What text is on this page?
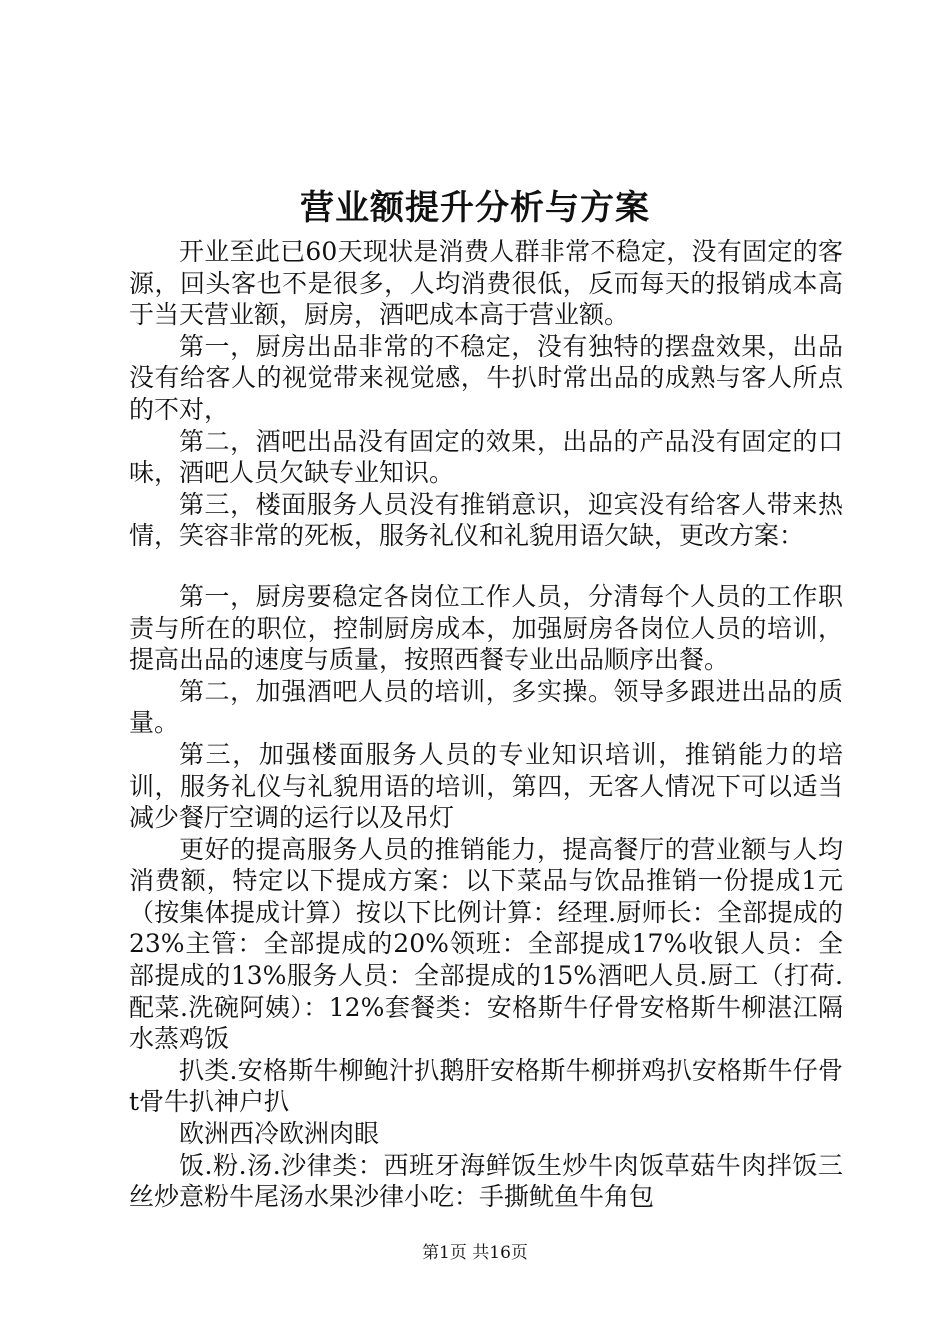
营业额提升分析与方案

开业至此已60天现状是消费人群非常不稳定，没有固定的客源，回头客也不是很多，人均消费很低，反而每天的报销成本高于当天营业额，厨房，酒吧成本高于营业额。

第一，厨房出品非常的不稳定，没有独特的摆盘效果，出品没有给客人的视觉带来视觉感，牛扒时常出品的成熟与客人所点的不对，

第二，酒吧出品没有固定的效果，出品的产品没有固定的口味，酒吧人员欠缺专业知识。

第三，楼面服务人员没有推销意识，迎宾没有给客人带来热情，笑容非常的死板，服务礼仪和礼貌用语欠缺，更改方案：

第一，厨房要稳定各岗位工作人员，分清每个人员的工作职责与所在的职位，控制厨房成本，加强厨房各岗位人员的培训，提高出品的速度与质量，按照西餐专业出品顺序出餐。

第二，加强酒吧人员的培训，多实操。领导多跟进出品的质量。

第三，加强楼面服务人员的专业知识培训，推销能力的培训，服务礼仪与礼貌用语的培训，第四，无客人情况下可以适当减少餐厅空调的运行以及吊灯

更好的提高服务人员的推销能力，提高餐厅的营业额与人均消费额，特定以下提成方案：以下菜品与饮品推销一份提成1元（按集体提成计算）按以下比例计算：经理.厨师长：全部提成的23%主管：全部提成的20%领班：全部提成17%收银人员：全部提成的13%服务人员：全部提成的15%酒吧人员.厨工（打荷.配菜.洗碗阿姨）：12%套餐类：安格斯牛仔骨安格斯牛柳湛江隔水蒸鸡饭

扒类.安格斯牛柳鲍汁扒鹅肝安格斯牛柳拼鸡扒安格斯牛仔骨t骨牛扒神户扒

欧洲西冷欧洲肉眼

饭.粉.汤.沙律类：西班牙海鲜饭生炒牛肉饭草菇牛肉拌饭三丝炒意粉牛尾汤水果沙律小吃：手撕鱿鱼牛角包

第1页 共16页
